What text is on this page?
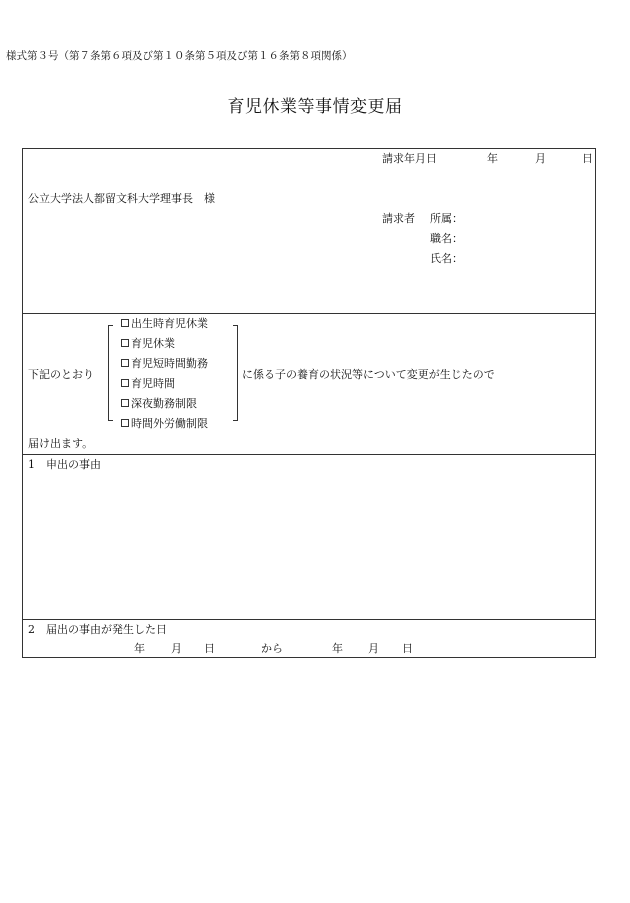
様式第３号（第７条第６項及び第１０条第５項及び第１６条第８項関係）
育児休業等事情変更届
請求年月日	年	月	日
公立大学法人都留文科大学理事長　様
請求者 所属：
職名：
氏名：
下記のとおり
出生時育児休業
育児休業
育児短時間勤務
育児時間
深夜勤務制限
時間外労働制限
に係る子の養育の状況等について変更が生じたので
届け出ます。
1　申出の事由
2　届出の事由が発生した日
年 月 日	から	年 月 日
